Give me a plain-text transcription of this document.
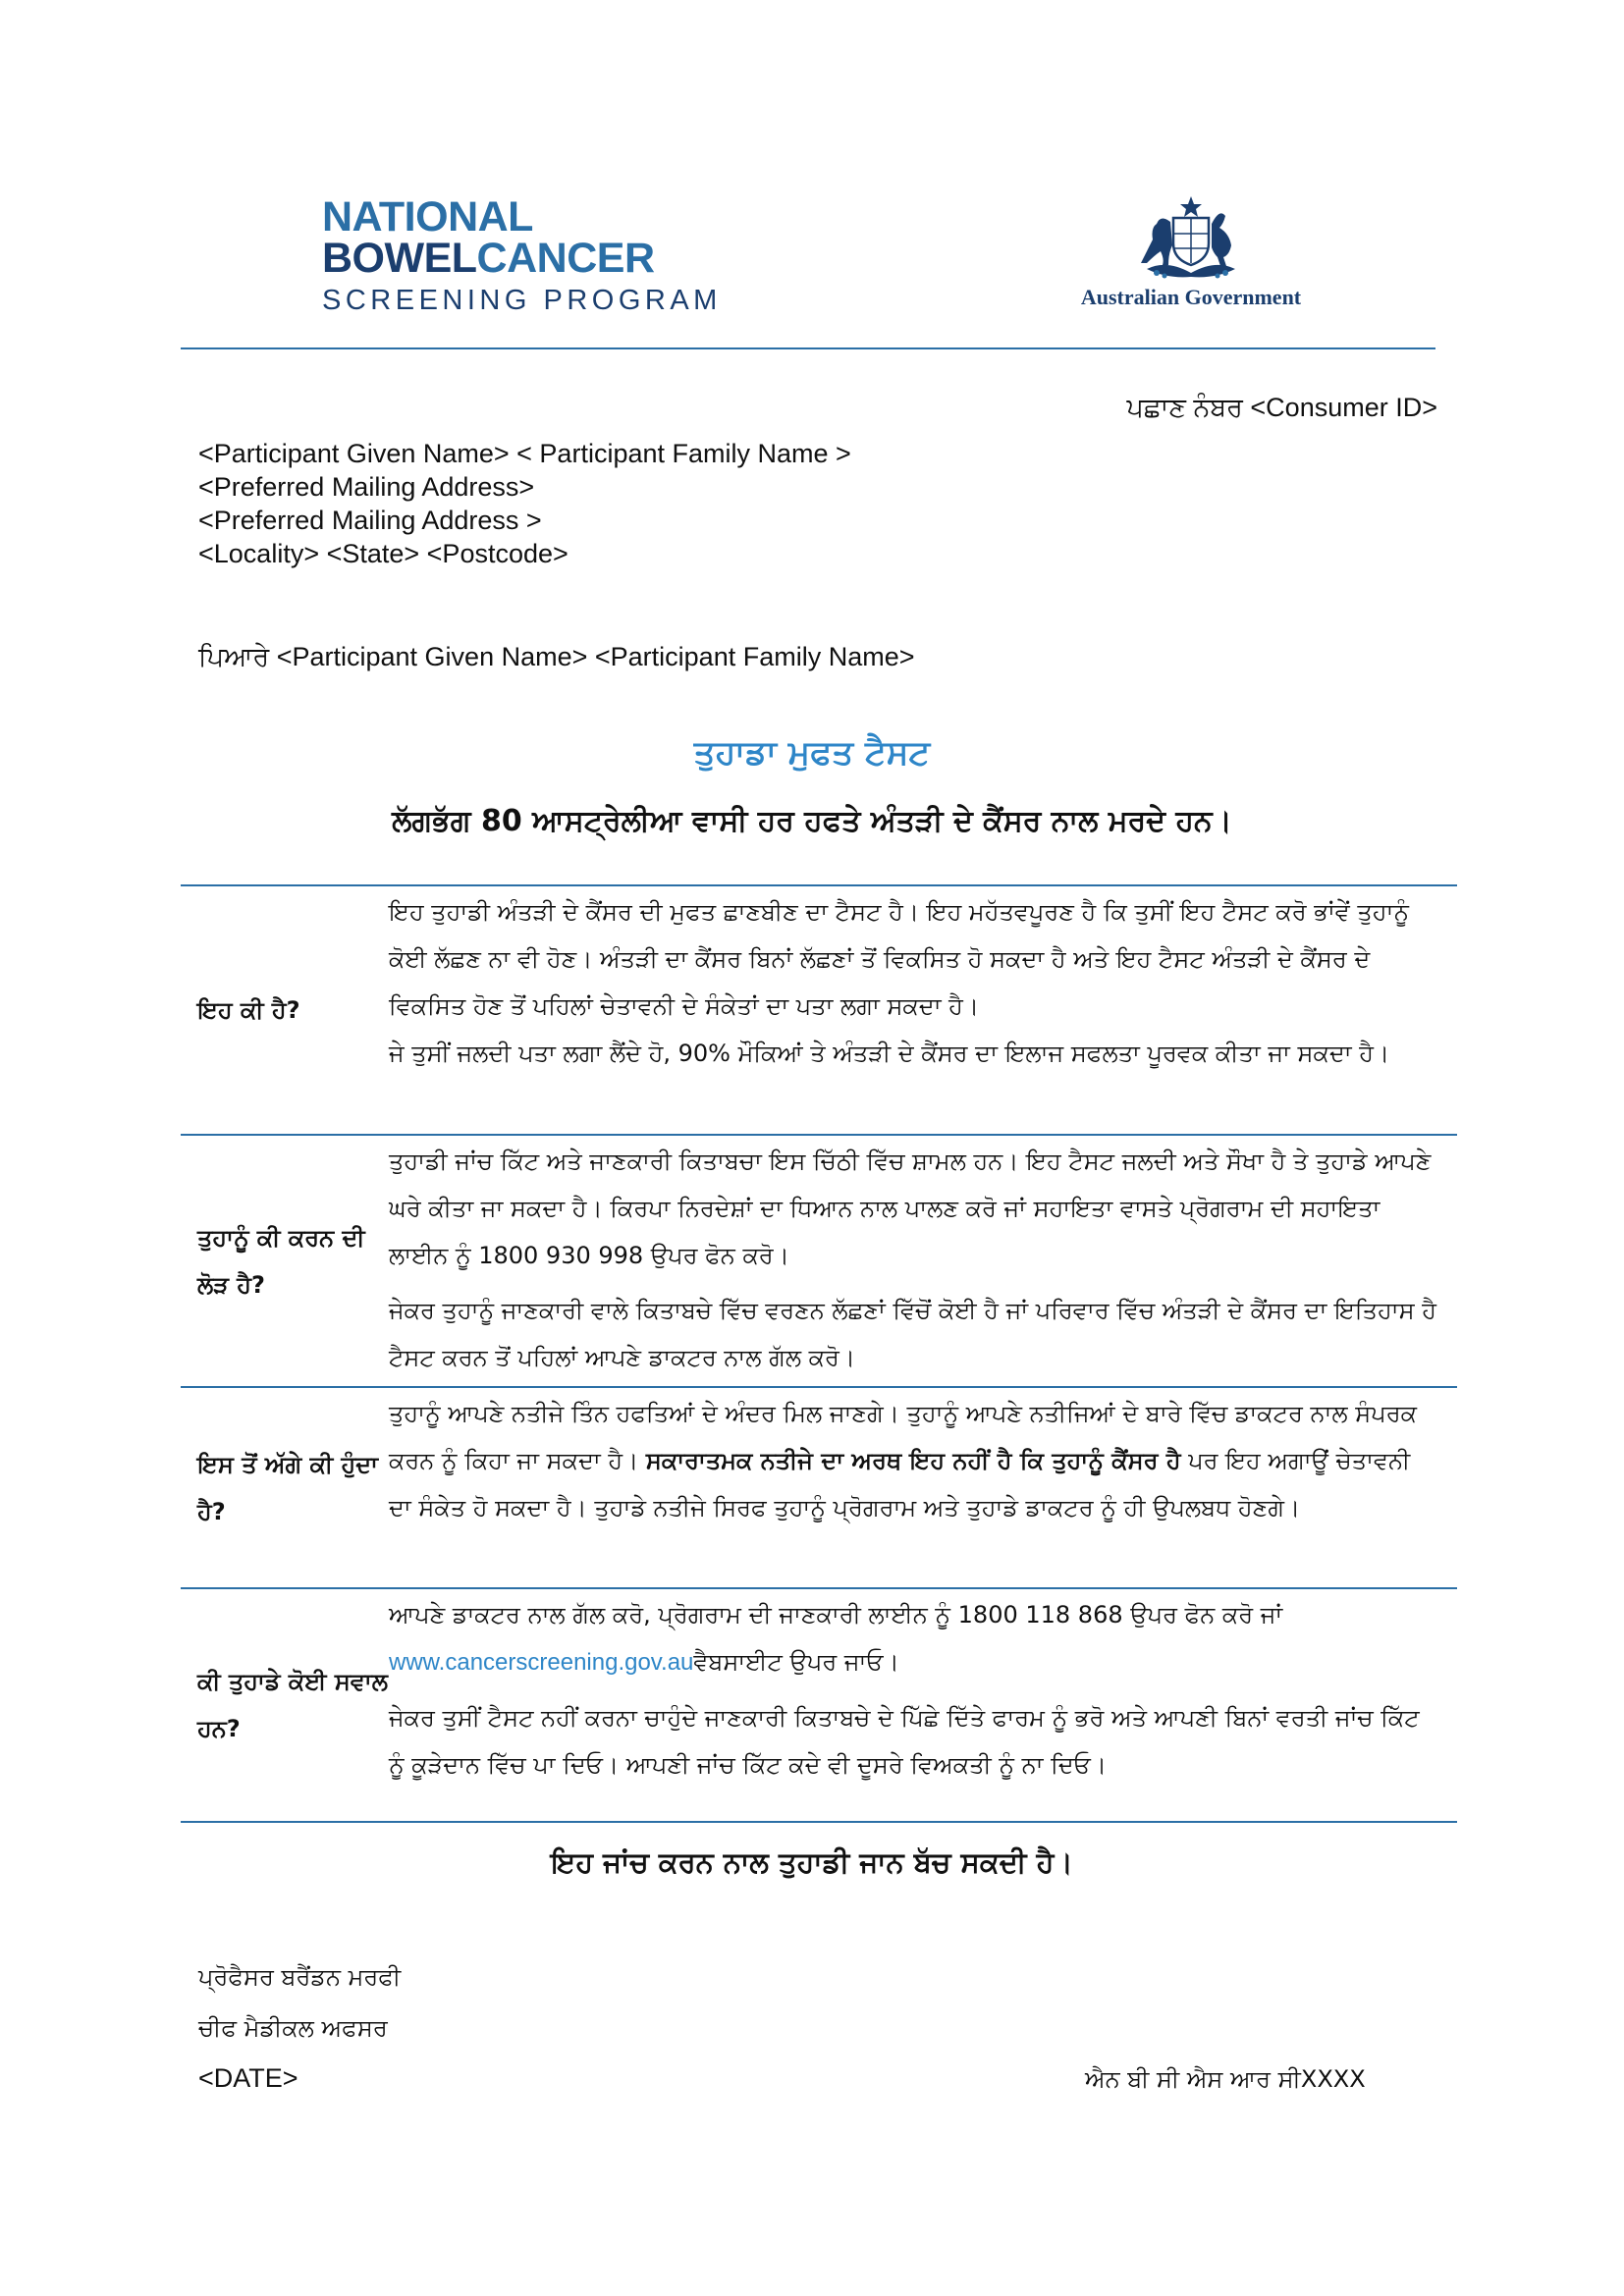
NATIONAL
BOWELCANCER
SCREENING PROGRAM	Australian Government
ਪਛਾਣ ਨੰਬਰ <Consumer ID>
<Participant Given Name> < Participant Family Name >
<Preferred Mailing Address>
<Preferred Mailing Address >
<Locality> <State> <Postcode>
ਪਿਆਰੇ <Participant Given Name> <Participant Family Name>
ਤੁਹਾਡਾ ਮੁਫਤ ਟੈਸਟ
ਲੱਗਭੱਗ 80 ਆਸਟ੍ਰੇਲੀਆ ਵਾਸੀ ਹਰ ਹਫਤੇ ਅੰਤੜੀ ਦੇ ਕੈਂਸਰ ਨਾਲ ਮਰਦੇ ਹਨ।
ਇਹ ਕੀ ਹੈ?

ਇਹ ਤੁਹਾਡੀ ਅੰਤੜੀ ਦੇ ਕੈਂਸਰ ਦੀ ਮੁਫਤ ਛਾਣਬੀਣ ਦਾ ਟੈਸਟ ਹੈ। ਇਹ ਮਹੱਤਵਪੂਰਣ ਹੈ ਕਿ ਤੁਸੀਂ ਇਹ ਟੈਸਟ ਕਰੋ ਭਾਂਵੇਂ ਤੁਹਾਨੂੰ ਕੋਈ ਲੱਛਣ ਨਾ ਵੀ ਹੋਣ। ਅੰਤੜੀ ਦਾ ਕੈਂਸਰ ਬਿਨਾਂ ਲੱਛਣਾਂ ਤੋਂ ਵਿਕਸਿਤ ਹੋ ਸਕਦਾ ਹੈ ਅਤੇ ਇਹ ਟੈਸਟ ਅੰਤੜੀ ਦੇ ਕੈਂਸਰ ਦੇ ਵਿਕਸਿਤ ਹੋਣ ਤੋਂ ਪਹਿਲਾਂ ਚੇਤਾਵਨੀ ਦੇ ਸੰਕੇਤਾਂ ਦਾ ਪਤਾ ਲਗਾ ਸਕਦਾ ਹੈ।

ਜੇ ਤੁਸੀਂ ਜਲਦੀ ਪਤਾ ਲਗਾ ਲੈਂਦੇ ਹੋ, 90% ਮੌਕਿਆਂ ਤੇ ਅੰਤੜੀ ਦੇ ਕੈਂਸਰ ਦਾ ਇਲਾਜ ਸਫਲਤਾ ਪੂਰਵਕ ਕੀਤਾ ਜਾ ਸਕਦਾ ਹੈ।

ਤੁਹਾਨੂੰ ਕੀ ਕਰਨ ਦੀ ਲੋੜ ਹੈ?

ਤੁਹਾਡੀ ਜਾਂਚ ਕਿੱਟ ਅਤੇ ਜਾਣਕਾਰੀ ਕਿਤਾਬਚਾ ਇਸ ਚਿੱਠੀ ਵਿੱਚ ਸ਼ਾਮਲ ਹਨ। ਇਹ ਟੈਸਟ ਜਲਦੀ ਅਤੇ ਸੌਖਾ ਹੈ ਤੇ ਤੁਹਾਡੇ ਆਪਣੇ ਘਰੇ ਕੀਤਾ ਜਾ ਸਕਦਾ ਹੈ। ਕਿਰਪਾ ਨਿਰਦੇਸ਼ਾਂ ਦਾ ਧਿਆਨ ਨਾਲ ਪਾਲਣ ਕਰੋ ਜਾਂ ਸਹਾਇਤਾ ਵਾਸਤੇ ਪ੍ਰੋਗਰਾਮ ਦੀ ਸਹਾਇਤਾ ਲਾਈਨ ਨੂੰ 1800 930 998 ਉਪਰ ਫੋਨ ਕਰੋ।

ਜੇਕਰ ਤੁਹਾਨੂੰ ਜਾਣਕਾਰੀ ਵਾਲੇ ਕਿਤਾਬਚੇ ਵਿੱਚ ਵਰਣਨ ਲੱਛਣਾਂ ਵਿੱਚੋਂ ਕੋਈ ਹੈ ਜਾਂ ਪਰਿਵਾਰ ਵਿੱਚ ਅੰਤੜੀ ਦੇ ਕੈਂਸਰ ਦਾ ਇਤਿਹਾਸ ਹੈ ਟੈਸਟ ਕਰਨ ਤੋਂ ਪਹਿਲਾਂ ਆਪਣੇ ਡਾਕਟਰ ਨਾਲ ਗੱਲ ਕਰੋ।

ਇਸ ਤੋਂ ਅੱਗੇ ਕੀ ਹੁੰਦਾ ਹੈ?

ਤੁਹਾਨੂੰ ਆਪਣੇ ਨਤੀਜੇ ਤਿੰਨ ਹਫਤਿਆਂ ਦੇ ਅੰਦਰ ਮਿਲ ਜਾਣਗੇ। ਤੁਹਾਨੂੰ ਆਪਣੇ ਨਤੀਜਿਆਂ ਦੇ ਬਾਰੇ ਵਿੱਚ ਡਾਕਟਰ ਨਾਲ ਸੰਪਰਕ ਕਰਨ ਨੂੰ ਕਿਹਾ ਜਾ ਸਕਦਾ ਹੈ। ਸਕਾਰਾਤਮਕ ਨਤੀਜੇ ਦਾ ਅਰਥ ਇਹ ਨਹੀਂ ਹੈ ਕਿ ਤੁਹਾਨੂੰ ਕੈਂਸਰ ਹੈ ਪਰ ਇਹ ਅਗਾਊਂ ਚੇਤਾਵਨੀ ਦਾ ਸੰਕੇਤ ਹੋ ਸਕਦਾ ਹੈ। ਤੁਹਾਡੇ ਨਤੀਜੇ ਸਿਰਫ ਤੁਹਾਨੂੰ ਪ੍ਰੋਗਰਾਮ ਅਤੇ ਤੁਹਾਡੇ ਡਾਕਟਰ ਨੂੰ ਹੀ ਉਪਲਬਧ ਹੋਣਗੇ।

ਕੀ ਤੁਹਾਡੇ ਕੋਈ ਸਵਾਲ ਹਨ?

ਆਪਣੇ ਡਾਕਟਰ ਨਾਲ ਗੱਲ ਕਰੋ, ਪ੍ਰੋਗਰਾਮ ਦੀ ਜਾਣਕਾਰੀ ਲਾਈਨ ਨੂੰ 1800 118 868 ਉਪਰ ਫੋਨ ਕਰੋ ਜਾਂ www.cancerscreening.gov.auਵੈਬਸਾਈਟ ਉਪਰ ਜਾਓ।

ਜੇਕਰ ਤੁਸੀਂ ਟੈਸਟ ਨਹੀਂ ਕਰਨਾ ਚਾਹੁੰਦੇ ਜਾਣਕਾਰੀ ਕਿਤਾਬਚੇ ਦੇ ਪਿੱਛੇ ਦਿੱਤੇ ਫਾਰਮ ਨੂੰ ਭਰੋ ਅਤੇ ਆਪਣੀ ਬਿਨਾਂ ਵਰਤੀ ਜਾਂਚ ਕਿੱਟ ਨੂੰ ਕੂੜੇਦਾਨ ਵਿੱਚ ਪਾ ਦਿਓ। ਆਪਣੀ ਜਾਂਚ ਕਿੱਟ ਕਦੇ ਵੀ ਦੂਸਰੇ ਵਿਅਕਤੀ ਨੂੰ ਨਾ ਦਿਓ।

ਇਹ ਜਾਂਚ ਕਰਨ ਨਾਲ ਤੁਹਾਡੀ ਜਾਨ ਬੱਚ ਸਕਦੀ ਹੈ।
ਪ੍ਰੋਫੈਸਰ ਬਰੈਂਡਨ ਮਰਫੀ
ਚੀਫ ਮੈਡੀਕਲ ਅਫਸਰ
<DATE>	ਐਨ ਬੀ ਸੀ ਐਸ ਆਰ ਸੀXXXX
